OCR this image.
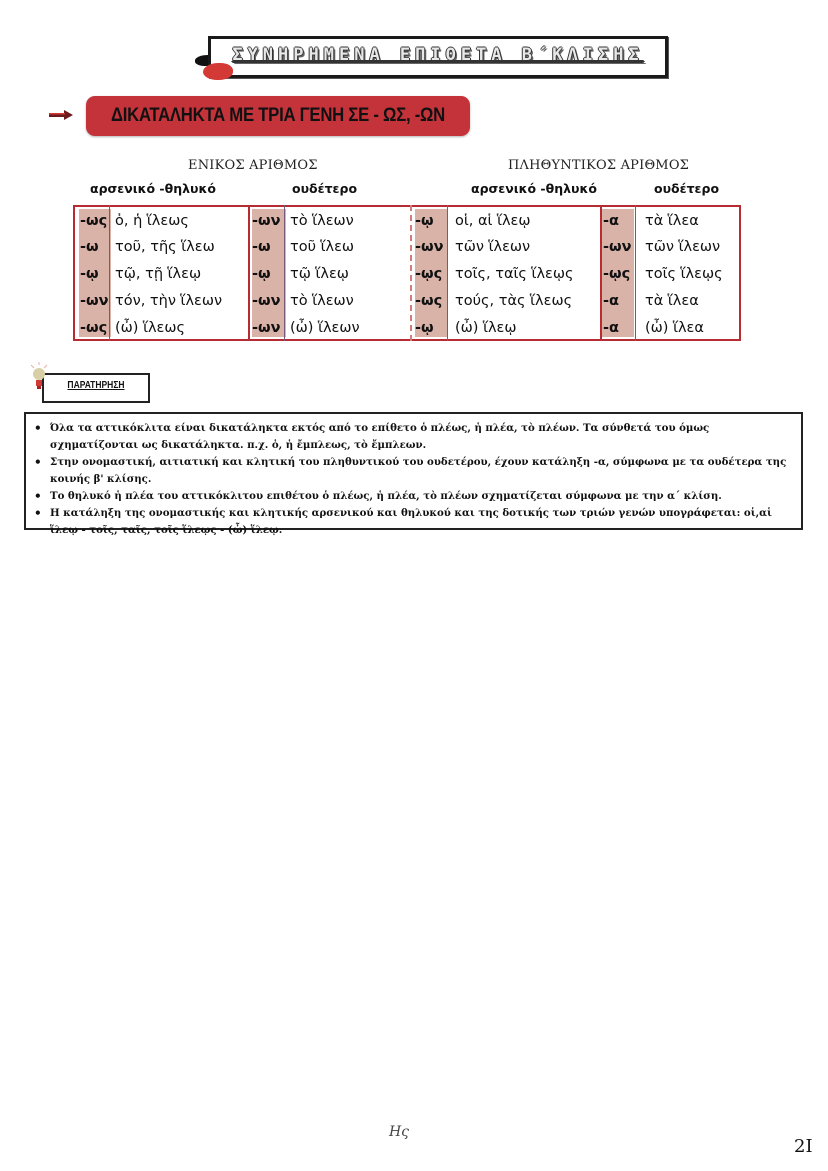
ΣΥΝΗΡΗΜΕΝΑ ΕΠΙΘΕΤΑ Β΄ΚΛΙΣΗΣ
ΔΙΚΑΤΑΛΗΚΤΑ ΜΕ ΤΡΙΑ ΓΕΝΗ ΣΕ - ΩΣ, -ΩΝ
ΕΝΙΚΟΣ ΑΡΙΘΜΟΣ	ΠΛΗΘΥΝΤΙΚΟΣ ΑΡΙΘΜΟΣ
αρσενικό -θηλυκό	ουδέτερο	αρσενικό -θηλυκό	ουδέτερο
-ως ὁ, ἡ ἵλεως	-ων τὸ ἵλεων	-ῳ οἱ, αἱ ἵλεῳ	-α τὰ ἵλεα
-ω τοῦ, τῆς ἵλεω	-ω τοῦ ἵλεω	-ων τῶν ἵλεων	-ων τῶν ἵλεων
-ῳ τῷ, τῇ ἵλεῳ	-ῳ τῷ ἵλεῳ	-ῳς τοῖς, ταῖς ἵλεῳς -ῳς τοῖς ἵλεῳς
-ων τόν, τὴν ἵλεων -ων τὸ ἵλεων	-ως τούς, τὰς ἵλεως -α τὰ ἵλεα
-ως (ὦ) ἵλεως	-ων (ὦ) ἵλεων	-ῳ (ὦ) ἵλεῳ	-α (ὦ) ἵλεα
ΠΑΡΑΤΗΡΗΣΗ
• Όλα τα αττικόκλιτα είναι δικατάληκτα εκτός από το επίθετο ὁ πλέως, ἡ πλέα, τὸ πλέων. Τα σύνθετά του όμως σχηματίζονται ως δικατάληκτα. π.χ. ὁ, ἡ ἔμπλεως, τὸ ἔμπλεων.
• Στην ονομαστική, αιτιατική και κλητική του πληθυντικού του ουδετέρου, έχουν κατάληξη -α, σύμφωνα με τα ουδέτερα της κοινής β' κλίσης.
• Το θηλυκό ἡ πλέα του αττικόκλιτου επιθέτου ὁ πλέως, ἡ πλέα, τὸ πλέων σχηματίζεται σύμφωνα με την α΄ κλίση.
• Η κατάληξη της ονομαστικής και κλητικής αρσενικού και θηλυκού και της δοτικής των τριών γενών υπογράφεται: οἱ,αἱ ἵλεῳ - τοῖς, ταῖς, τοῖς ἵλεῳς - (ὦ) ἵλεῳ.
Ης
2I
